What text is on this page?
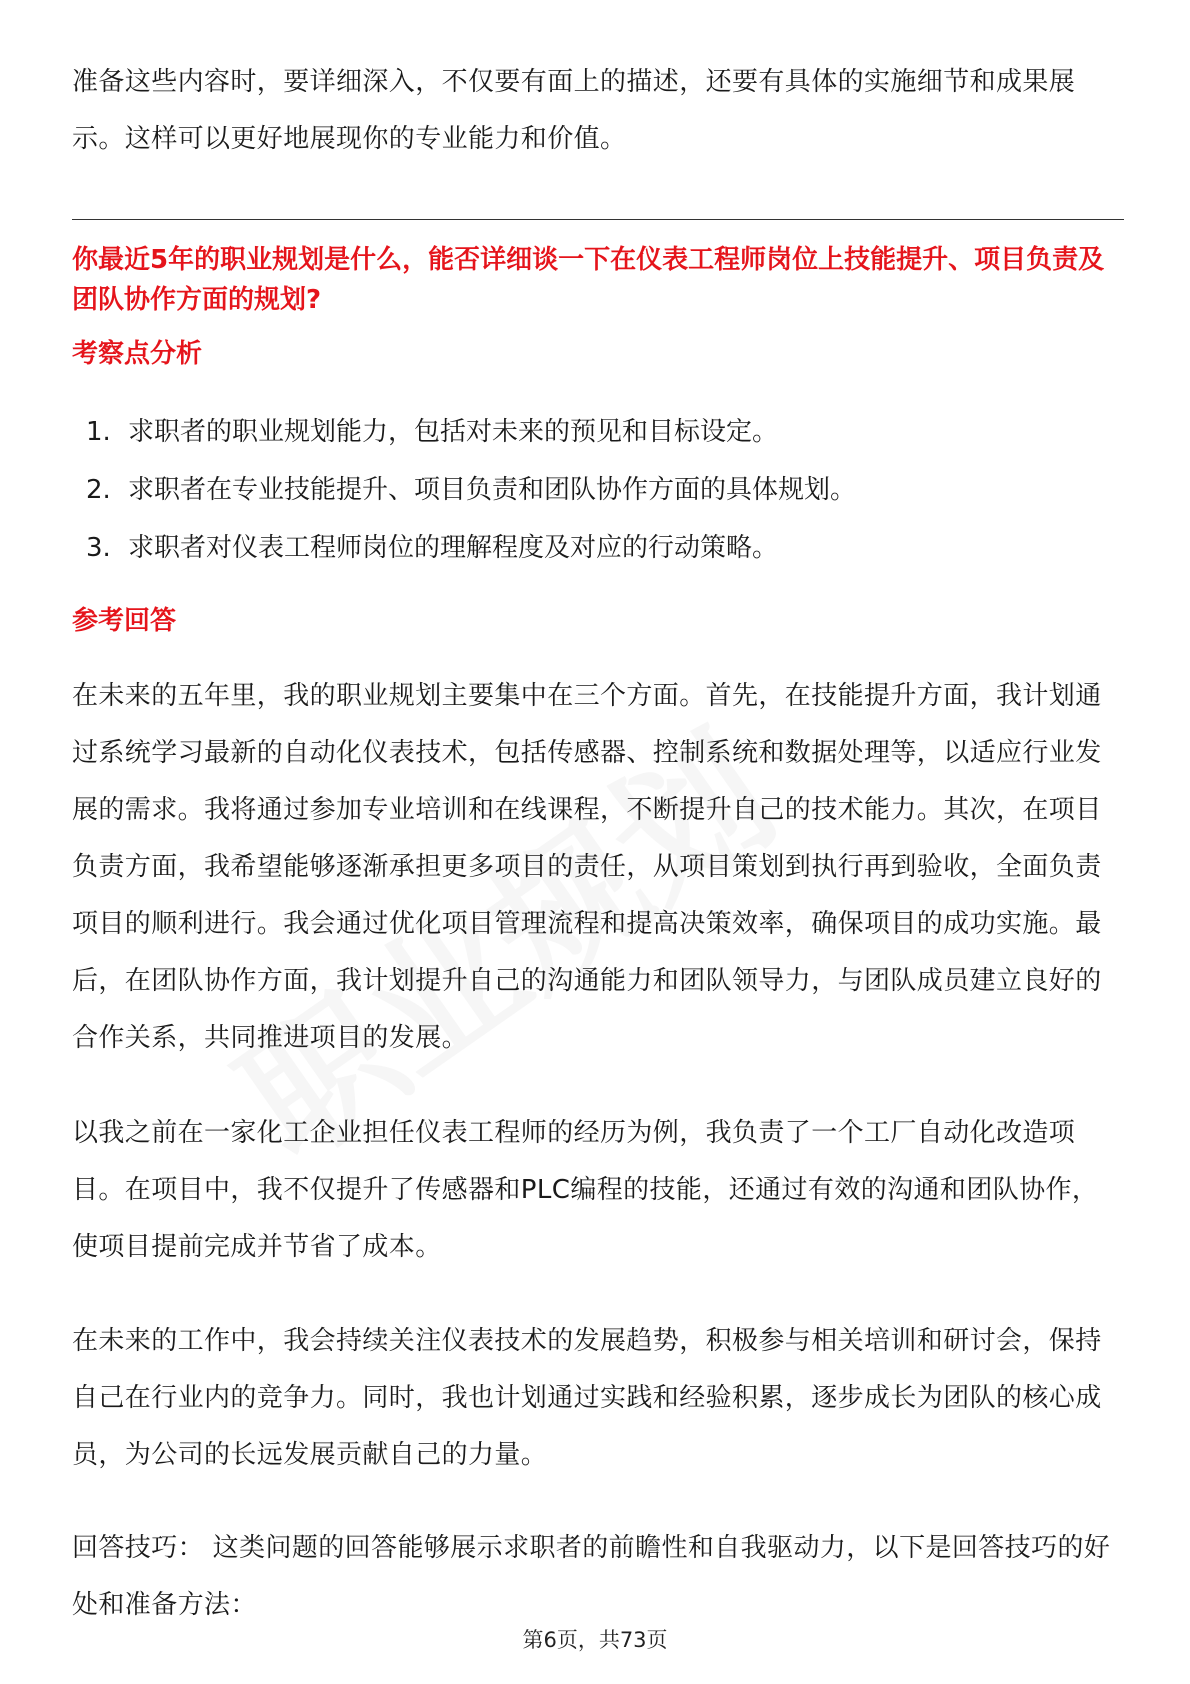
准备这些内容时，要详细深入，不仅要有面上的描述，还要有具体的实施细节和成果展示。这样可以更好地展现你的专业能力和价值。

你最近5年的职业规划是什么，能否详细谈一下在仪表工程师岗位上技能提升、项目负责及团队协作方面的规划?

考察点分析

1. 求职者的职业规划能力，包括对未来的预见和目标设定。
2. 求职者在专业技能提升、项目负责和团队协作方面的具体规划。
3. 求职者对仪表工程师岗位的理解程度及对应的行动策略。

参考回答

在未来的五年里，我的职业规划主要集中在三个方面。首先，在技能提升方面，我计划通过系统学习最新的自动化仪表技术，包括传感器、控制系统和数据处理等，以适应行业发展的需求。我将通过参加专业培训和在线课程，不断提升自己的技术能力。其次，在项目负责方面，我希望能够逐渐承担更多项目的责任，从项目策划到执行再到验收，全面负责项目的顺利进行。我会通过优化项目管理流程和提高决策效率，确保项目的成功实施。最后，在团队协作方面，我计划提升自己的沟通能力和团队领导力，与团队成员建立良好的合作关系，共同推进项目的发展。

以我之前在一家化工企业担任仪表工程师的经历为例，我负责了一个工厂自动化改造项目。在项目中，我不仅提升了传感器和PLC编程的技能，还通过有效的沟通和团队协作，使项目提前完成并节省了成本。

在未来的工作中，我会持续关注仪表技术的发展趋势，积极参与相关培训和研讨会，保持自己在行业内的竞争力。同时，我也计划通过实践和经验积累，逐步成长为团队的核心成员，为公司的长远发展贡献自己的力量。

回答技巧： 这类问题的回答能够展示求职者的前瞻性和自我驱动力，以下是回答技巧的好处和准备方法：

第6页，共73页
